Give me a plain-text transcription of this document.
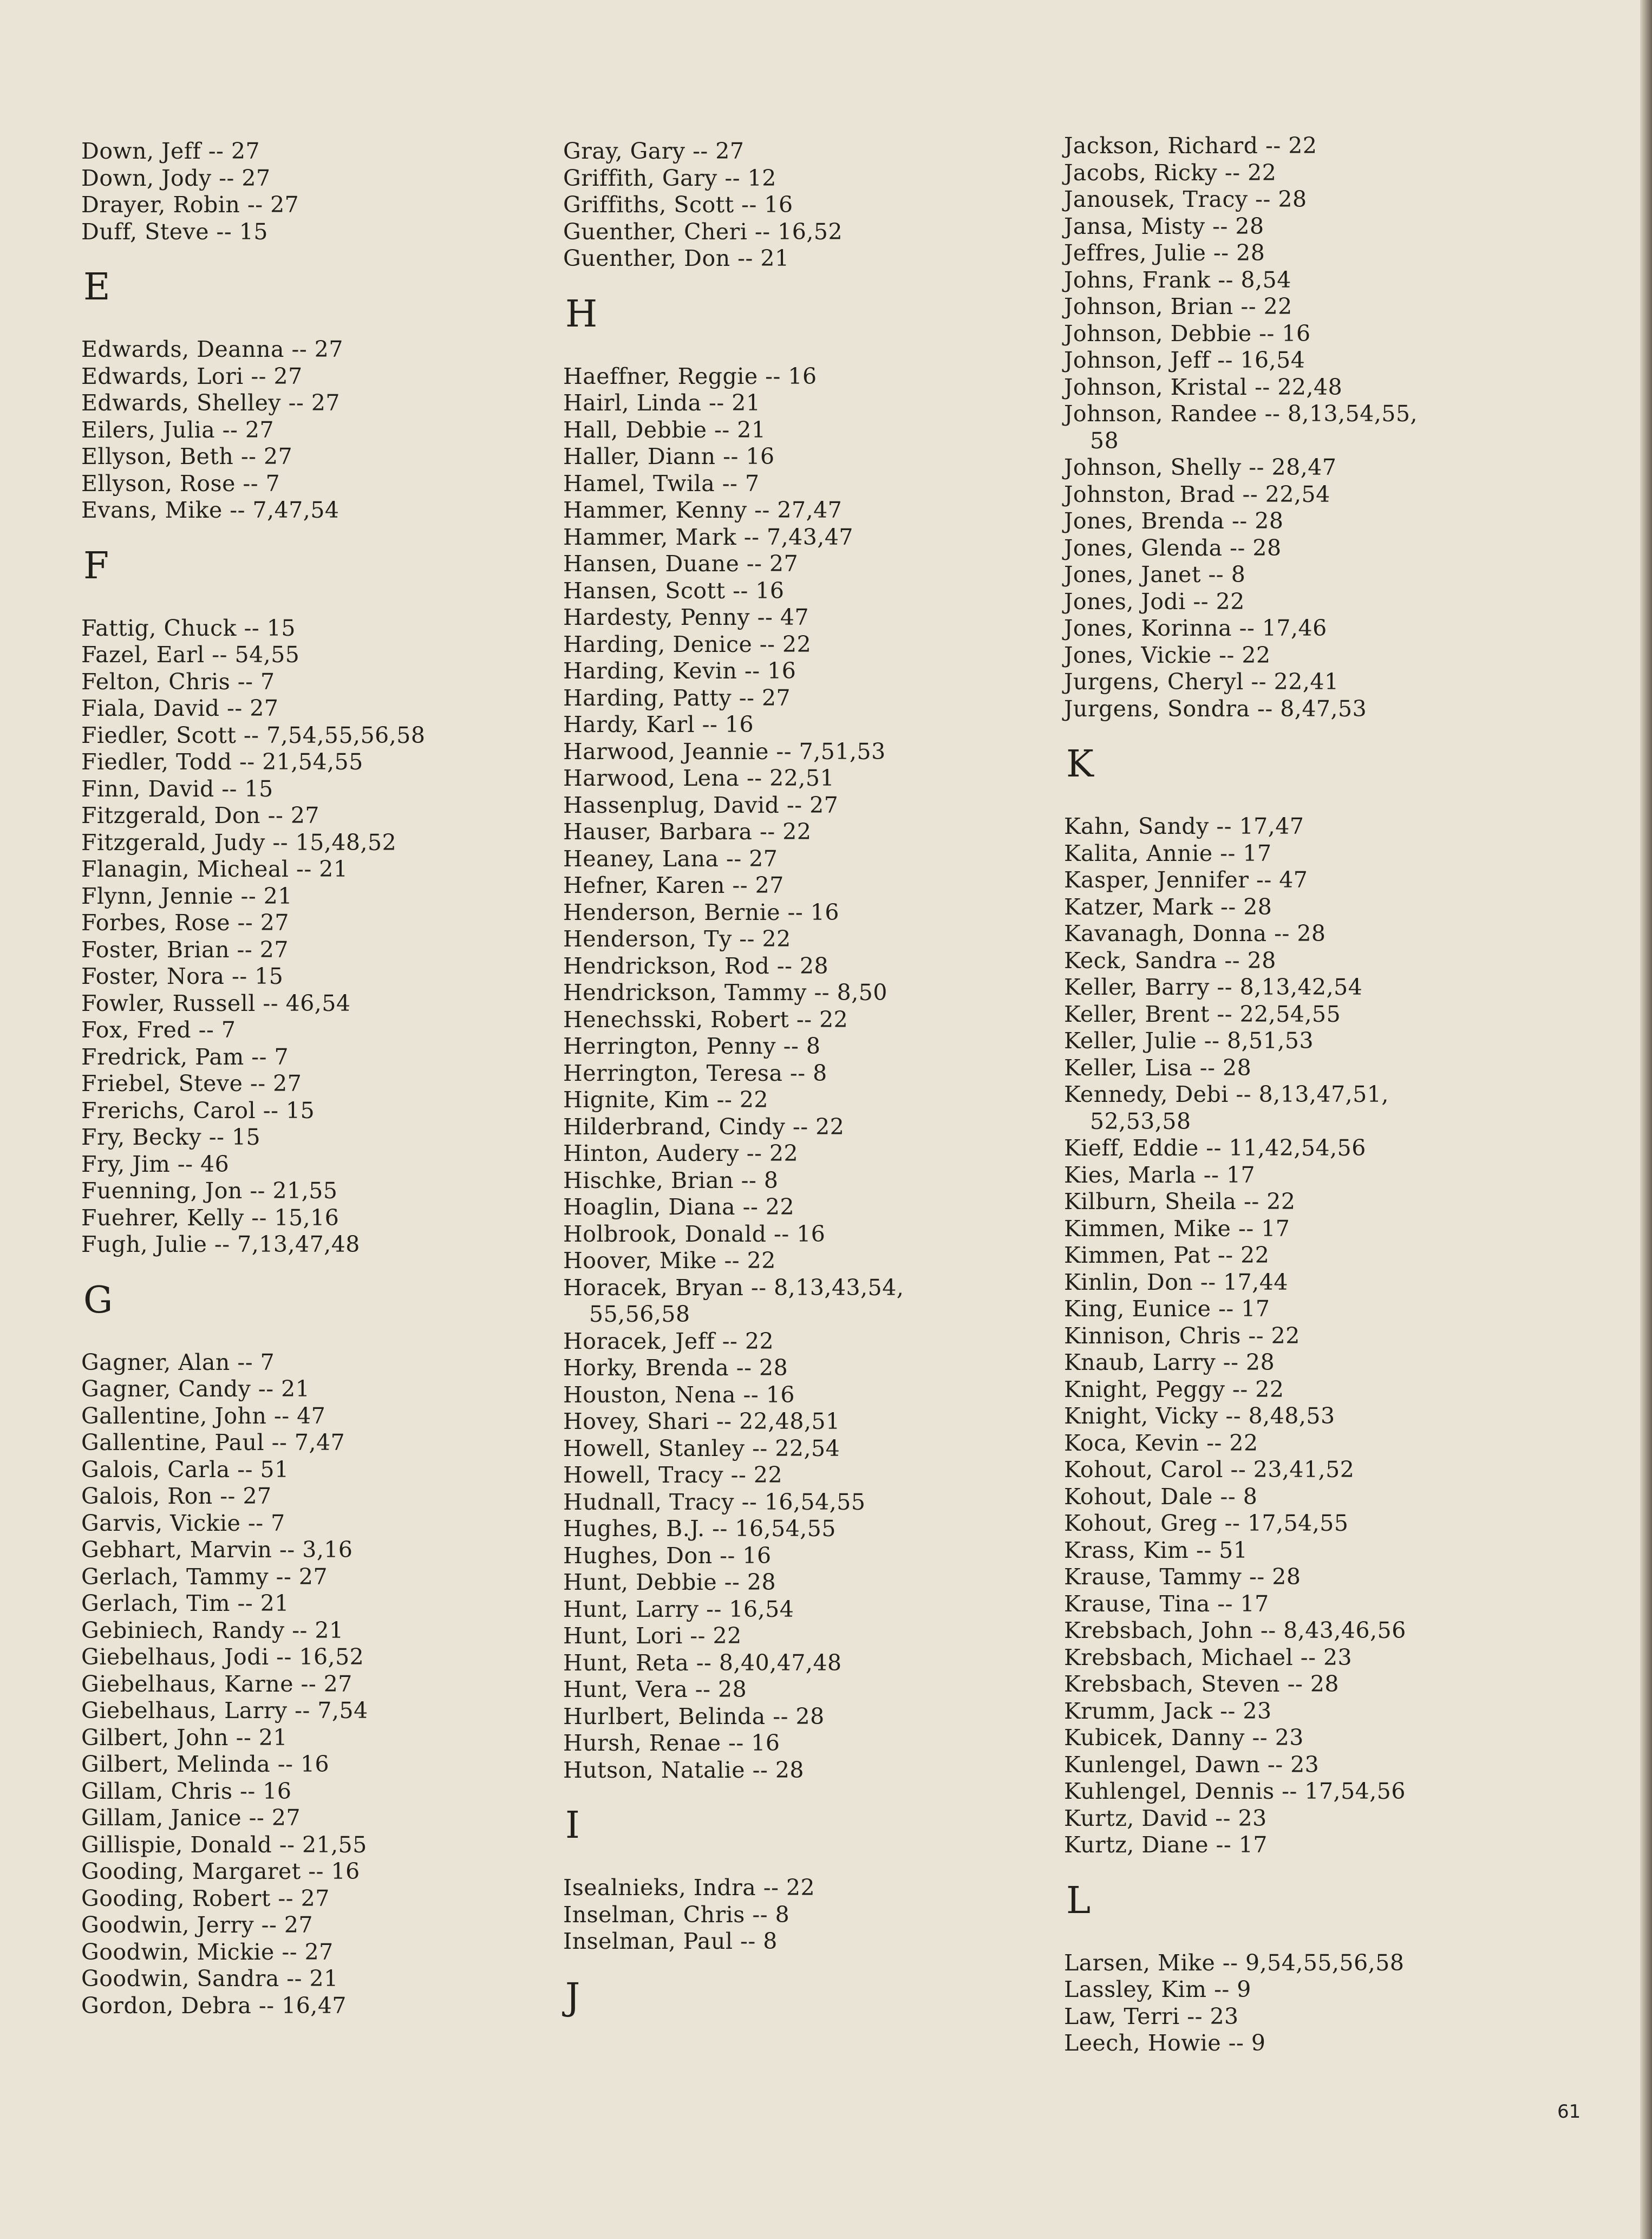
Down, Jeff -- 27
Down, Jody -- 27
Drayer, Robin -- 27
Duff, Steve -- 15
E
Edwards, Deanna -- 27
Edwards, Lori -- 27
Edwards, Shelley -- 27
Eilers, Julia -- 27
Ellyson, Beth -- 27
Ellyson, Rose -- 7
Evans, Mike -- 7,47,54
F
Fattig, Chuck -- 15
Fazel, Earl -- 54,55
Felton, Chris -- 7
Fiala, David -- 27
Fiedler, Scott -- 7,54,55,56,58
Fiedler, Todd -- 21,54,55
Finn, David -- 15
Fitzgerald, Don -- 27
Fitzgerald, Judy -- 15,48,52
Flanagin, Micheal -- 21
Flynn, Jennie -- 21
Forbes, Rose -- 27
Foster, Brian -- 27
Foster, Nora -- 15
Fowler, Russell -- 46,54
Fox, Fred -- 7
Fredrick, Pam -- 7
Friebel, Steve -- 27
Frerichs, Carol -- 15
Fry, Becky -- 15
Fry, Jim -- 46
Fuenning, Jon -- 21,55
Fuehrer, Kelly -- 15,16
Fugh, Julie -- 7,13,47,48
G
Gagner, Alan -- 7
Gagner, Candy -- 21
Gallentine, John -- 47
Gallentine, Paul -- 7,47
Galois, Carla -- 51
Galois, Ron -- 27
Garvis, Vickie -- 7
Gebhart, Marvin -- 3,16
Gerlach, Tammy -- 27
Gerlach, Tim -- 21
Gebiniech, Randy -- 21
Giebelhaus, Jodi -- 16,52
Giebelhaus, Karne -- 27
Giebelhaus, Larry -- 7,54
Gilbert, John -- 21
Gilbert, Melinda -- 16
Gillam, Chris -- 16
Gillam, Janice -- 27
Gillispie, Donald -- 21,55
Gooding, Margaret -- 16
Gooding, Robert -- 27
Goodwin, Jerry -- 27
Goodwin, Mickie -- 27
Goodwin, Sandra -- 21
Gordon, Debra -- 16,47
Gray, Gary -- 27
Griffith, Gary -- 12
Griffiths, Scott -- 16
Guenther, Cheri -- 16,52
Guenther, Don -- 21
H
Haeffner, Reggie -- 16
Hairl, Linda -- 21
Hall, Debbie -- 21
Haller, Diann -- 16
Hamel, Twila -- 7
Hammer, Kenny -- 27,47
Hammer, Mark -- 7,43,47
Hansen, Duane -- 27
Hansen, Scott -- 16
Hardesty, Penny -- 47
Harding, Denice -- 22
Harding, Kevin -- 16
Harding, Patty -- 27
Hardy, Karl -- 16
Harwood, Jeannie -- 7,51,53
Harwood, Lena -- 22,51
Hassenplug, David -- 27
Hauser, Barbara -- 22
Heaney, Lana -- 27
Hefner, Karen -- 27
Henderson, Bernie -- 16
Henderson, Ty -- 22
Hendrickson, Rod -- 28
Hendrickson, Tammy -- 8,50
Henechsski, Robert -- 22
Herrington, Penny -- 8
Herrington, Teresa -- 8
Hignite, Kim -- 22
Hilderbrand, Cindy -- 22
Hinton, Audery -- 22
Hischke, Brian -- 8
Hoaglin, Diana -- 22
Holbrook, Donald -- 16
Hoover, Mike -- 22
Horacek, Bryan -- 8,13,43,54,
55,56,58
Horacek, Jeff -- 22
Horky, Brenda -- 28
Houston, Nena -- 16
Hovey, Shari -- 22,48,51
Howell, Stanley -- 22,54
Howell, Tracy -- 22
Hudnall, Tracy -- 16,54,55
Hughes, B.J. -- 16,54,55
Hughes, Don -- 16
Hunt, Debbie -- 28
Hunt, Larry -- 16,54
Hunt, Lori -- 22
Hunt, Reta -- 8,40,47,48
Hunt, Vera -- 28
Hurlbert, Belinda -- 28
Hursh, Renae -- 16
Hutson, Natalie -- 28
I
Isealnieks, Indra -- 22
Inselman, Chris -- 8
Inselman, Paul -- 8
J
Jackson, Richard -- 22
Jacobs, Ricky -- 22
Janousek, Tracy -- 28
Jansa, Misty -- 28
Jeffres, Julie -- 28
Johns, Frank -- 8,54
Johnson, Brian -- 22
Johnson, Debbie -- 16
Johnson, Jeff -- 16,54
Johnson, Kristal -- 22,48
Johnson, Randee -- 8,13,54,55,
58
Johnson, Shelly -- 28,47
Johnston, Brad -- 22,54
Jones, Brenda -- 28
Jones, Glenda -- 28
Jones, Janet -- 8
Jones, Jodi -- 22
Jones, Korinna -- 17,46
Jones, Vickie -- 22
Jurgens, Cheryl -- 22,41
Jurgens, Sondra -- 8,47,53
K
Kahn, Sandy -- 17,47
Kalita, Annie -- 17
Kasper, Jennifer -- 47
Katzer, Mark -- 28
Kavanagh, Donna -- 28
Keck, Sandra -- 28
Keller, Barry -- 8,13,42,54
Keller, Brent -- 22,54,55
Keller, Julie -- 8,51,53
Keller, Lisa -- 28
Kennedy, Debi -- 8,13,47,51,
52,53,58
Kieff, Eddie -- 11,42,54,56
Kies, Marla -- 17
Kilburn, Sheila -- 22
Kimmen, Mike -- 17
Kimmen, Pat -- 22
Kinlin, Don -- 17,44
King, Eunice -- 17
Kinnison, Chris -- 22
Knaub, Larry -- 28
Knight, Peggy -- 22
Knight, Vicky -- 8,48,53
Koca, Kevin -- 22
Kohout, Carol -- 23,41,52
Kohout, Dale -- 8
Kohout, Greg -- 17,54,55
Krass, Kim -- 51
Krause, Tammy -- 28
Krause, Tina -- 17
Krebsbach, John -- 8,43,46,56
Krebsbach, Michael -- 23
Krebsbach, Steven -- 28
Krumm, Jack -- 23
Kubicek, Danny -- 23
Kunlengel, Dawn -- 23
Kuhlengel, Dennis -- 17,54,56
Kurtz, David -- 23
Kurtz, Diane -- 17
L
Larsen, Mike -- 9,54,55,56,58
Lassley, Kim -- 9
Law, Terri -- 23
Leech, Howie -- 9
61
